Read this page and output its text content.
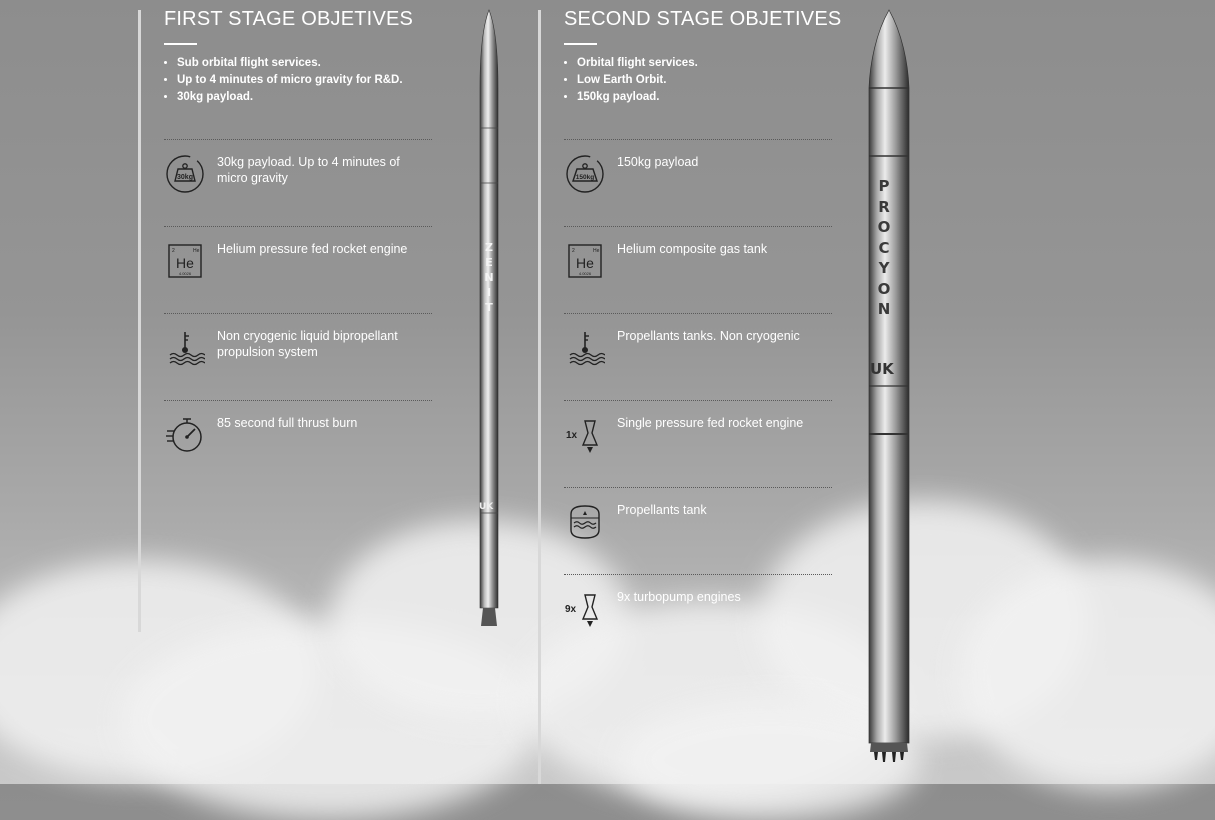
FIRST STAGE OBJETIVES
• Sub orbital flight services.
• Up to 4 minutes of micro gravity for R&D.
• 30kg payload.
30kg
30kg payload. Up to 4 minutes of micro gravity
2	He
He
4.0026
Helium pressure fed rocket engine
Non cryogenic liquid bipropellant propulsion system
85 second full thrust burn
Z
E
N
I
T
UK
SECOND STAGE OBJETIVES
• Orbital flight services.
• Low Earth Orbit.
• 150kg payload.
150kg
150kg payload
2	He
He
4.0026
Helium composite gas tank
Propellants tanks. Non cryogenic
1x
Single pressure fed rocket engine
Propellants tank
9x
9x turbopump engines
P
R
O
C
Y
O
N
UK
